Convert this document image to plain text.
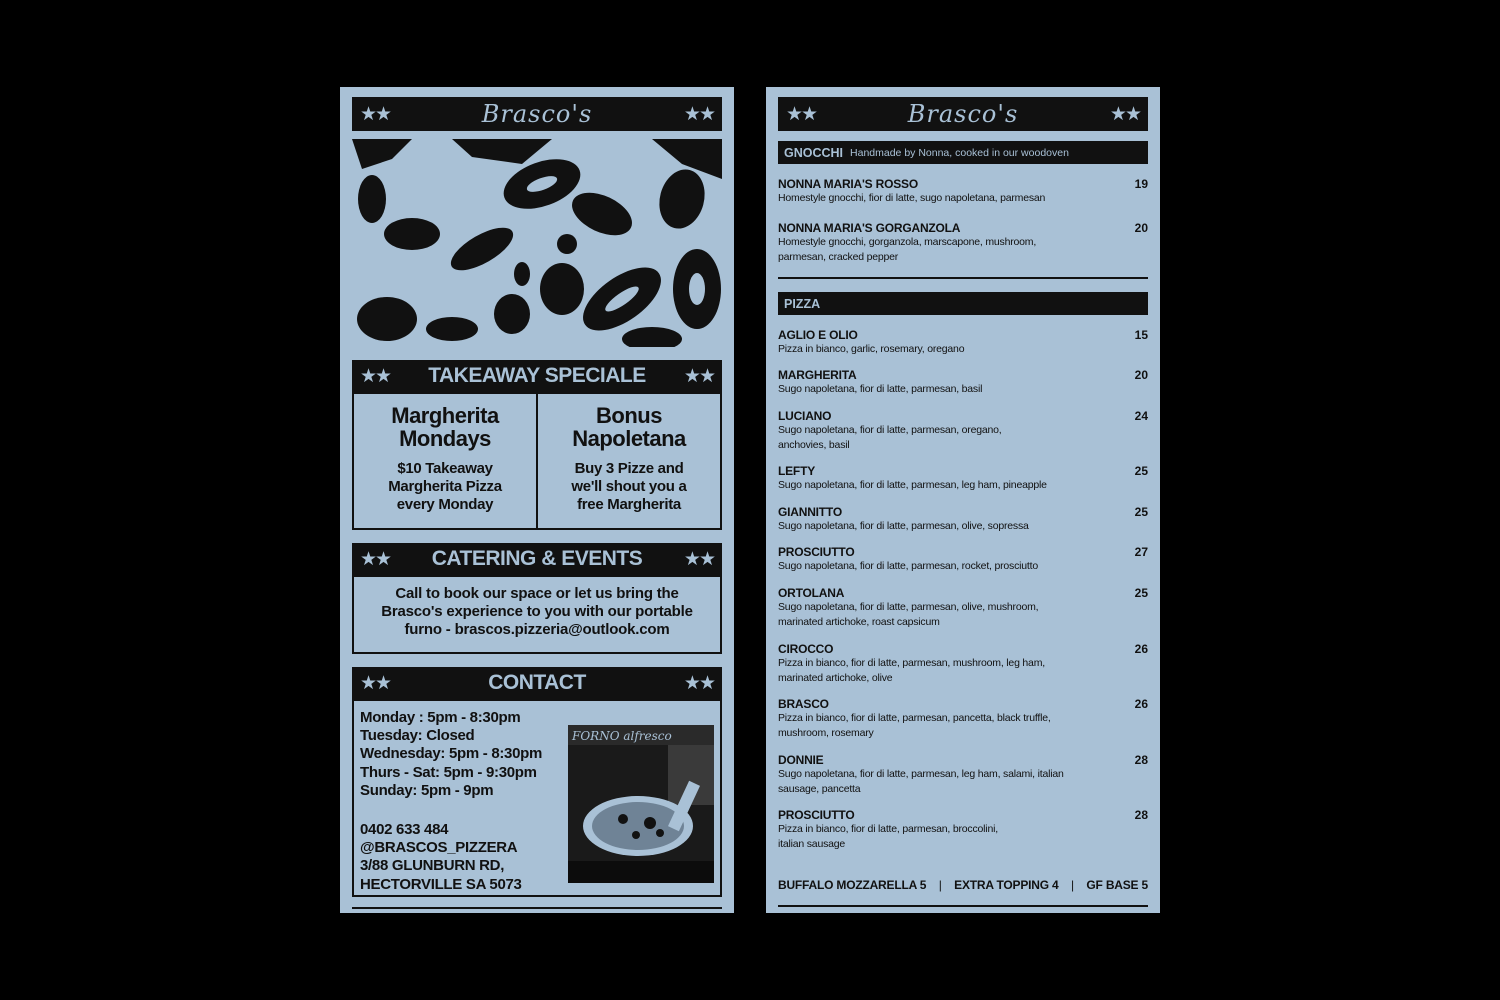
★★	Brasco's	★★
★★ TAKEAWAY SPECIALE ★★
Margherita
Mondays
$10 Takeaway
Margherita Pizza
every Monday
Bonus
Napoletana
Buy 3 Pizze and
we'll shout you a
free Margherita
★★ CATERING & EVENTS ★★
Call to book our space or let us bring the
Brasco's experience to you with our portable
furno - brascos.pizzeria@outlook.com
★★	CONTACT	★★
Monday : 5pm - 8:30pm
Tuesday: Closed
Wednesday: 5pm - 8:30pm
Thurs - Sat: 5pm - 9:30pm
Sunday: 5pm - 9pm
0402 633 484
@BRASCOS_PIZZERA
3/88 GLUNBURN RD,
HECTORVILLE SA 5073
FORNO alfresco
★★	Brasco's	★★
GNOCCHI Handmade by Nonna, cooked in our woodoven
NONNA MARIA'S ROSSO	19
Homestyle gnocchi, fior di latte, sugo napoletana, parmesan
NONNA MARIA'S GORGANZOLA	20
Homestyle gnocchi, gorganzola, marscapone, mushroom,
parmesan, cracked pepper
PIZZA
AGLIO E OLIO	15
Pizza in bianco, garlic, rosemary, oregano
MARGHERITA	20
Sugo napoletana, fior di latte, parmesan, basil
LUCIANO	24
Sugo napoletana, fior di latte, parmesan, oregano,
anchovies, basil
LEFTY	25
Sugo napoletana, fior di latte, parmesan, leg ham, pineapple
GIANNITTO	25
Sugo napoletana, fior di latte, parmesan, olive, sopressa
PROSCIUTTO	27
Sugo napoletana, fior di latte, parmesan, rocket, prosciutto
ORTOLANA	25
Sugo napoletana, fior di latte, parmesan, olive, mushroom,
marinated artichoke, roast capsicum
CIROCCO	26
Pizza in bianco, fior di latte, parmesan, mushroom, leg ham,
marinated artichoke, olive
BRASCO	26
Pizza in bianco, fior di latte, parmesan, pancetta, black truffle,
mushroom, rosemary
DONNIE	28
Sugo napoletana, fior di latte, parmesan, leg ham, salami, italian
sausage, pancetta
PROSCIUTTO	28
Pizza in bianco, fior di latte, parmesan, broccolini,
italian sausage
BUFFALO MOZZARELLA 5 | EXTRA TOPPING 4 | GF BASE 5
